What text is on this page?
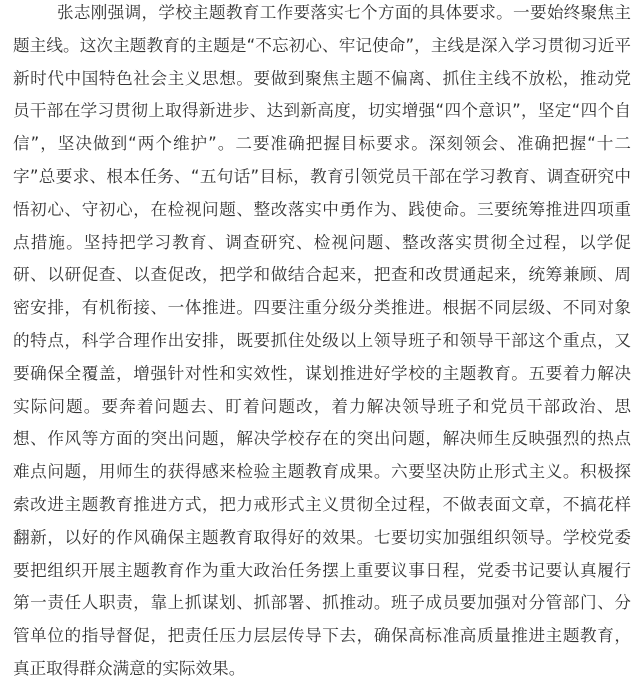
张志刚强调，学校主题教育工作要落实七个方面的具体要求。一要始终聚焦主
题主线。这次主题教育的主题是“不忘初心、牢记使命”，主线是深入学习贯彻习近平
新时代中国特色社会主义思想。要做到聚焦主题不偏离、抓住主线不放松，推动党
员干部在学习贯彻上取得新进步、达到新高度，切实增强“四个意识”，坚定“四个自
信”，坚决做到“两个维护”。二要准确把握目标要求。深刻领会、准确把握“十二
字”总要求、根本任务、“五句话”目标，教育引领党员干部在学习教育、调查研究中
悟初心、守初心，在检视问题、整改落实中勇作为、践使命。三要统筹推进四项重
点措施。坚持把学习教育、调查研究、检视问题、整改落实贯彻全过程，以学促
研、以研促查、以查促改，把学和做结合起来，把查和改贯通起来，统筹兼顾、周
密安排，有机衔接、一体推进。四要注重分级分类推进。根据不同层级、不同对象
的特点，科学合理作出安排，既要抓住处级以上领导班子和领导干部这个重点，又
要确保全覆盖，增强针对性和实效性，谋划推进好学校的主题教育。五要着力解决
实际问题。要奔着问题去、盯着问题改，着力解决领导班子和党员干部政治、思
想、作风等方面的突出问题，解决学校存在的突出问题，解决师生反映强烈的热点
难点问题，用师生的获得感来检验主题教育成果。六要坚决防止形式主义。积极探
索改进主题教育推进方式，把力戒形式主义贯彻全过程，不做表面文章，不搞花样
翻新，以好的作风确保主题教育取得好的效果。七要切实加强组织领导。学校党委
要把组织开展主题教育作为重大政治任务摆上重要议事日程，党委书记要认真履行
第一责任人职责，靠上抓谋划、抓部署、抓推动。班子成员要加强对分管部门、分
管单位的指导督促，把责任压力层层传导下去，确保高标准高质量推进主题教育，
真正取得群众满意的实际效果。
